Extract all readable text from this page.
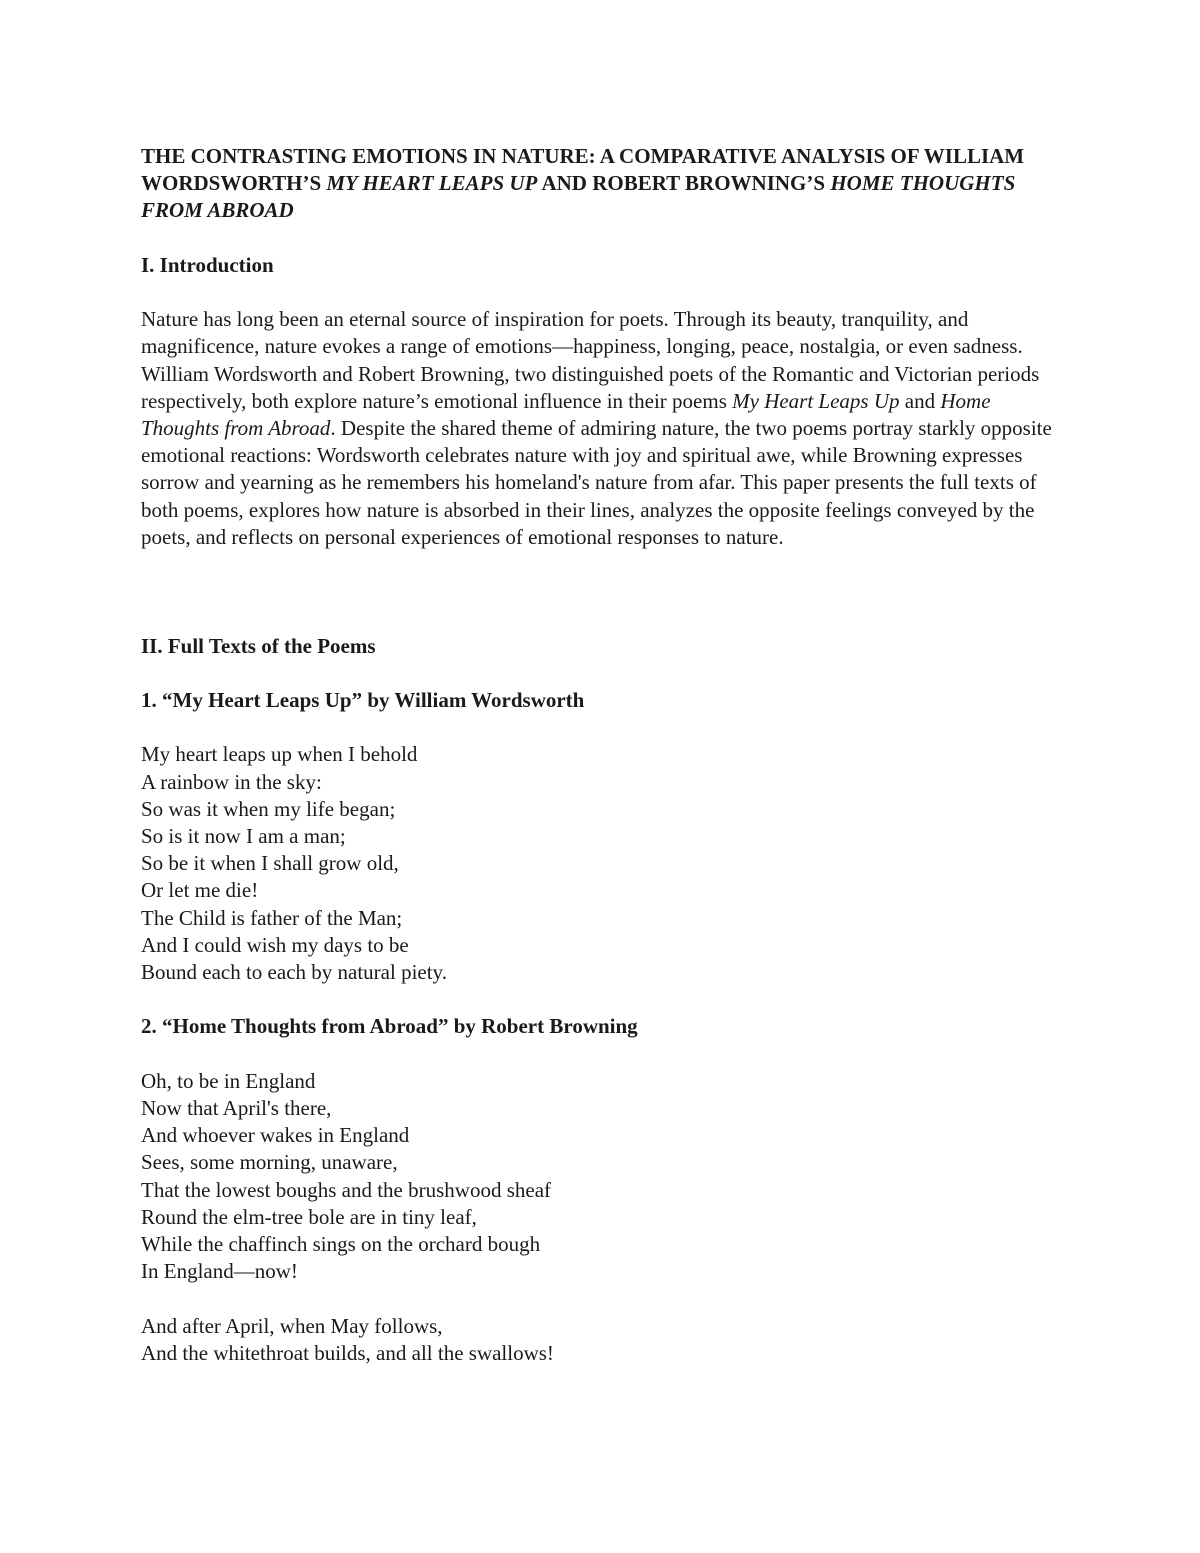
THE CONTRASTING EMOTIONS IN NATURE: A COMPARATIVE ANALYSIS OF WILLIAM WORDSWORTH’S MY HEART LEAPS UP AND ROBERT BROWNING’S HOME THOUGHTS FROM ABROAD

I. Introduction

Nature has long been an eternal source of inspiration for poets. Through its beauty, tranquility, and magnificence, nature evokes a range of emotions—happiness, longing, peace, nostalgia, or even sadness. William Wordsworth and Robert Browning, two distinguished poets of the Romantic and Victorian periods respectively, both explore nature’s emotional influence in their poems My Heart Leaps Up and Home Thoughts from Abroad. Despite the shared theme of admiring nature, the two poems portray starkly opposite emotional reactions: Wordsworth celebrates nature with joy and spiritual awe, while Browning expresses sorrow and yearning as he remembers his homeland's nature from afar. This paper presents the full texts of both poems, explores how nature is absorbed in their lines, analyzes the opposite feelings conveyed by the poets, and reflects on personal experiences of emotional responses to nature.

II. Full Texts of the Poems

1. “My Heart Leaps Up” by William Wordsworth

My heart leaps up when I behold

A rainbow in the sky:

So was it when my life began;

So is it now I am a man;

So be it when I shall grow old,

Or let me die!

The Child is father of the Man;

And I could wish my days to be

Bound each to each by natural piety.

2. “Home Thoughts from Abroad” by Robert Browning

Oh, to be in England

Now that April's there,

And whoever wakes in England

Sees, some morning, unaware,

That the lowest boughs and the brushwood sheaf

Round the elm-tree bole are in tiny leaf,

While the chaffinch sings on the orchard bough

In England—now!

And after April, when May follows,

And the whitethroat builds, and all the swallows!
